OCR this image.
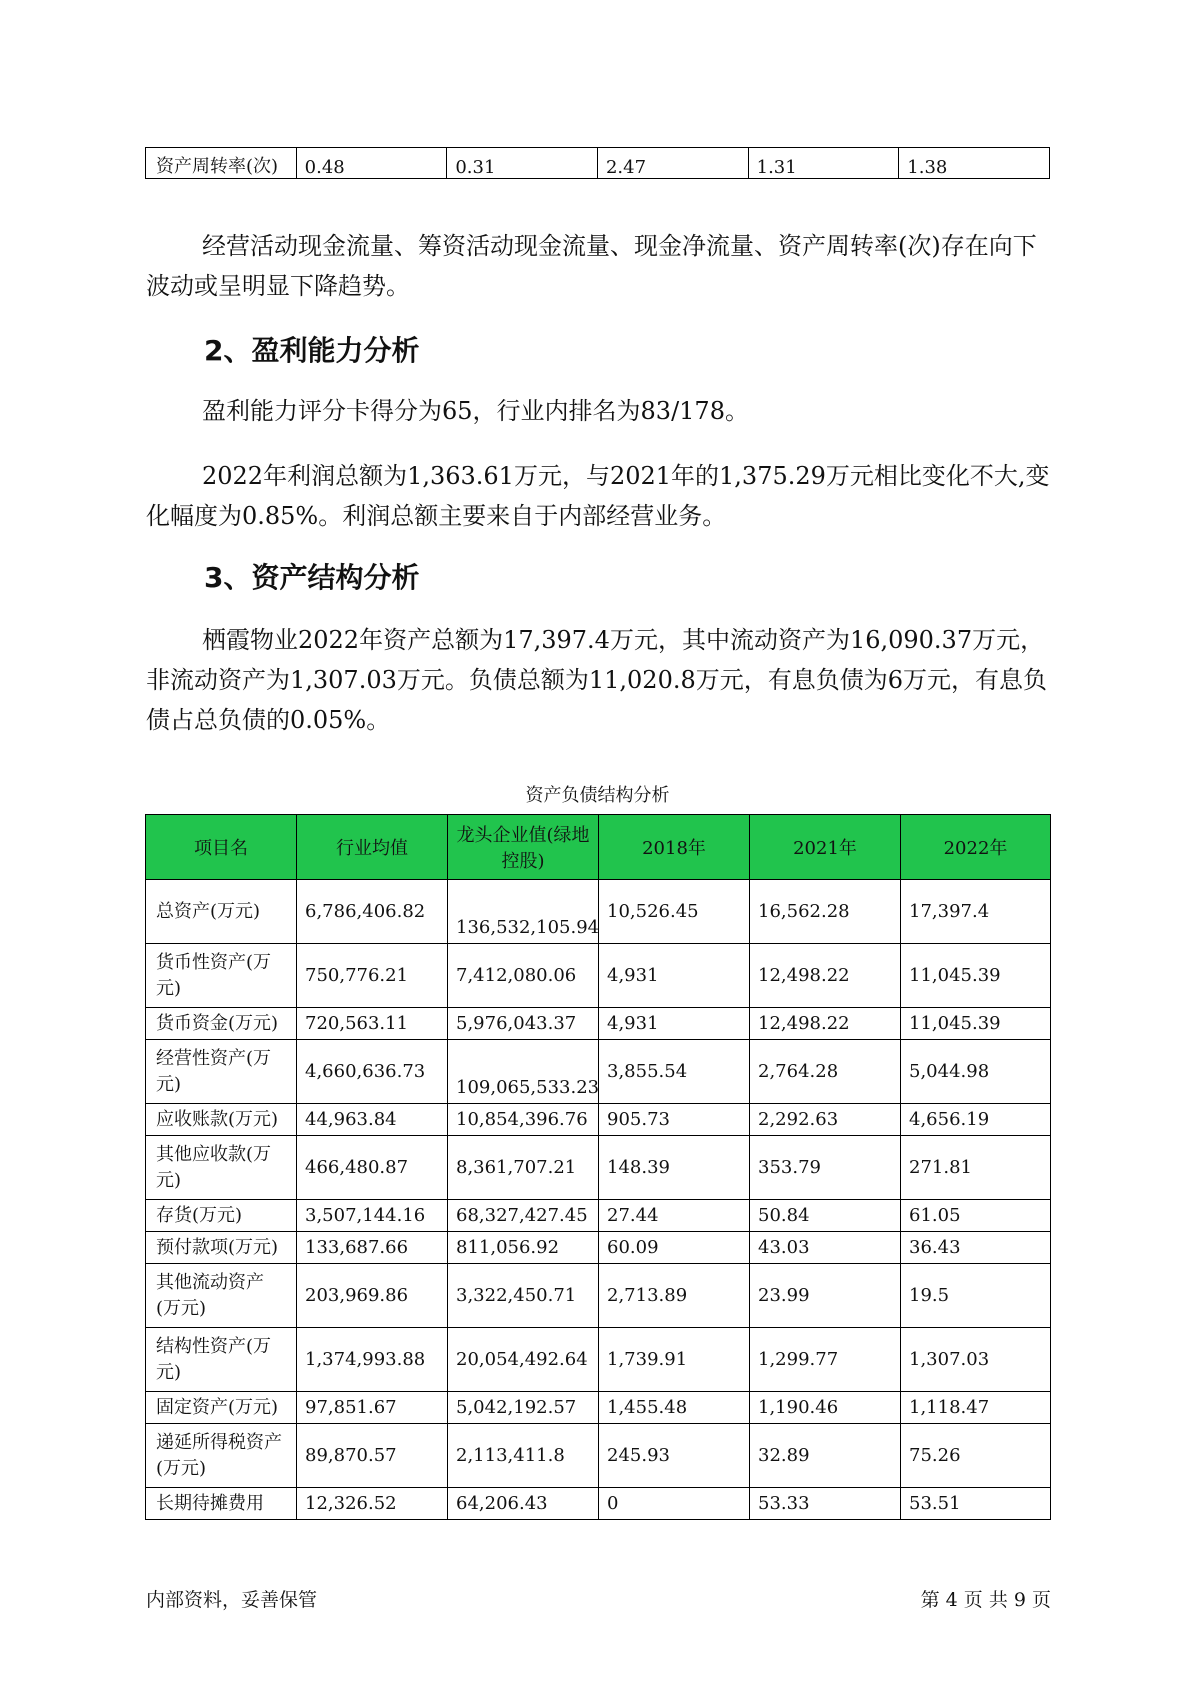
资产周转率(次)	0.48	0.31	2.47	1.31	1.38

经营活动现金流量、筹资活动现金流量、现金净流量、资产周转率(次)存在向下波动或呈明显下降趋势。

2、盈利能力分析

盈利能力评分卡得分为65，行业内排名为83/178。

2022年利润总额为1,363.61万元，与2021年的1,375.29万元相比变化不大,变化幅度为0.85%。利润总额主要来自于内部经营业务。

3、资产结构分析

栖霞物业2022年资产总额为17,397.4万元，其中流动资产为16,090.37万元，非流动资产为1,307.03万元。负债总额为11,020.8万元，有息负债为6万元，有息负债占总负债的0.05%。

资产负债结构分析
项目名	行业均值	龙头企业值(绿地控股)	2018年	2021年	2022年
总资产(万元)	6,786,406.82	136,532,105.94	10,526.45	16,562.28	17,397.4
货币性资产(万元)	750,776.21	7,412,080.06	4,931	12,498.22	11,045.39
货币资金(万元)	720,563.11	5,976,043.37	4,931	12,498.22	11,045.39
经营性资产(万元)	4,660,636.73	109,065,533.23	3,855.54	2,764.28	5,044.98
应收账款(万元)	44,963.84	10,854,396.76	905.73	2,292.63	4,656.19
其他应收款(万元)	466,480.87	8,361,707.21	148.39	353.79	271.81
存货(万元)	3,507,144.16	68,327,427.45	27.44	50.84	61.05
预付款项(万元)	133,687.66	811,056.92	60.09	43.03	36.43
其他流动资产(万元)	203,969.86	3,322,450.71	2,713.89	23.99	19.5
结构性资产(万元)	1,374,993.88	20,054,492.64	1,739.91	1,299.77	1,307.03
固定资产(万元)	97,851.67	5,042,192.57	1,455.48	1,190.46	1,118.47
递延所得税资产(万元)	89,870.57	2,113,411.8	245.93	32.89	75.26
长期待摊费用	12,326.52	64,206.43	0	53.33	53.51
内部资料，妥善保管	第 4 页 共 9 页
